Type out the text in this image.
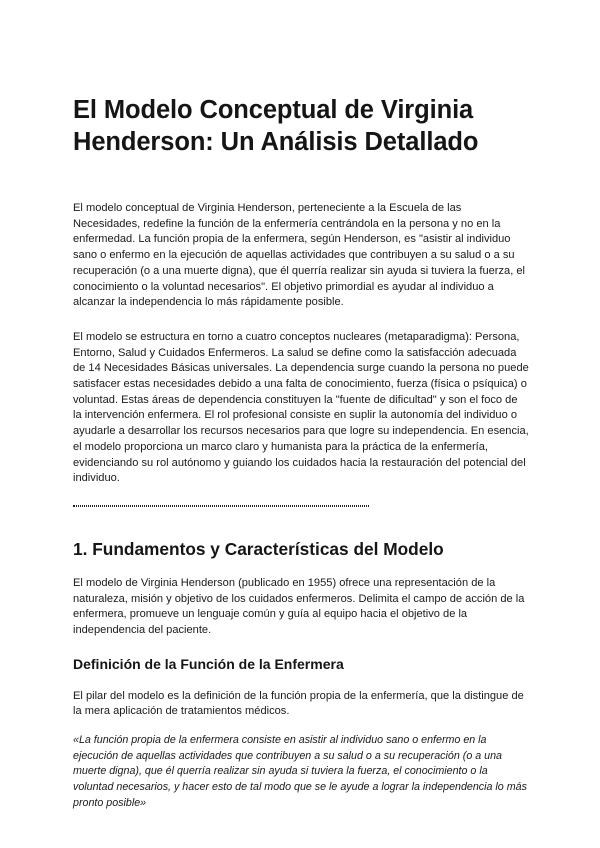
El Modelo Conceptual de Virginia Henderson: Un Análisis Detallado

El modelo conceptual de Virginia Henderson, perteneciente a la Escuela de las Necesidades, redefine la función de la enfermería centrándola en la persona y no en la enfermedad. La función propia de la enfermera, según Henderson, es "asistir al individuo sano o enfermo en la ejecución de aquellas actividades que contribuyen a su salud o a su recuperación (o a una muerte digna), que él querría realizar sin ayuda si tuviera la fuerza, el conocimiento o la voluntad necesarios". El objetivo primordial es ayudar al individuo a alcanzar la independencia lo más rápidamente posible.

El modelo se estructura en torno a cuatro conceptos nucleares (metaparadigma): Persona, Entorno, Salud y Cuidados Enfermeros. La salud se define como la satisfacción adecuada de 14 Necesidades Básicas universales. La dependencia surge cuando la persona no puede satisfacer estas necesidades debido a una falta de conocimiento, fuerza (física o psíquica) o voluntad. Estas áreas de dependencia constituyen la "fuente de dificultad" y son el foco de la intervención enfermera. El rol profesional consiste en suplir la autonomía del individuo o ayudarle a desarrollar los recursos necesarios para que logre su independencia. En esencia, el modelo proporciona un marco claro y humanista para la práctica de la enfermería, evidenciando su rol autónomo y guiando los cuidados hacia la restauración del potencial del individuo.

1. Fundamentos y Características del Modelo

El modelo de Virginia Henderson (publicado en 1955) ofrece una representación de la naturaleza, misión y objetivo de los cuidados enfermeros. Delimita el campo de acción de la enfermera, promueve un lenguaje común y guía al equipo hacia el objetivo de la independencia del paciente.

Definición de la Función de la Enfermera

El pilar del modelo es la definición de la función propia de la enfermería, que la distingue de la mera aplicación de tratamientos médicos.

«La función propia de la enfermera consiste en asistir al individuo sano o enfermo en la ejecución de aquellas actividades que contribuyen a su salud o a su recuperación (o a una muerte digna), que él querría realizar sin ayuda si tuviera la fuerza, el conocimiento o la voluntad necesarios, y hacer esto de tal modo que se le ayude a lograr la independencia lo más pronto posible»
